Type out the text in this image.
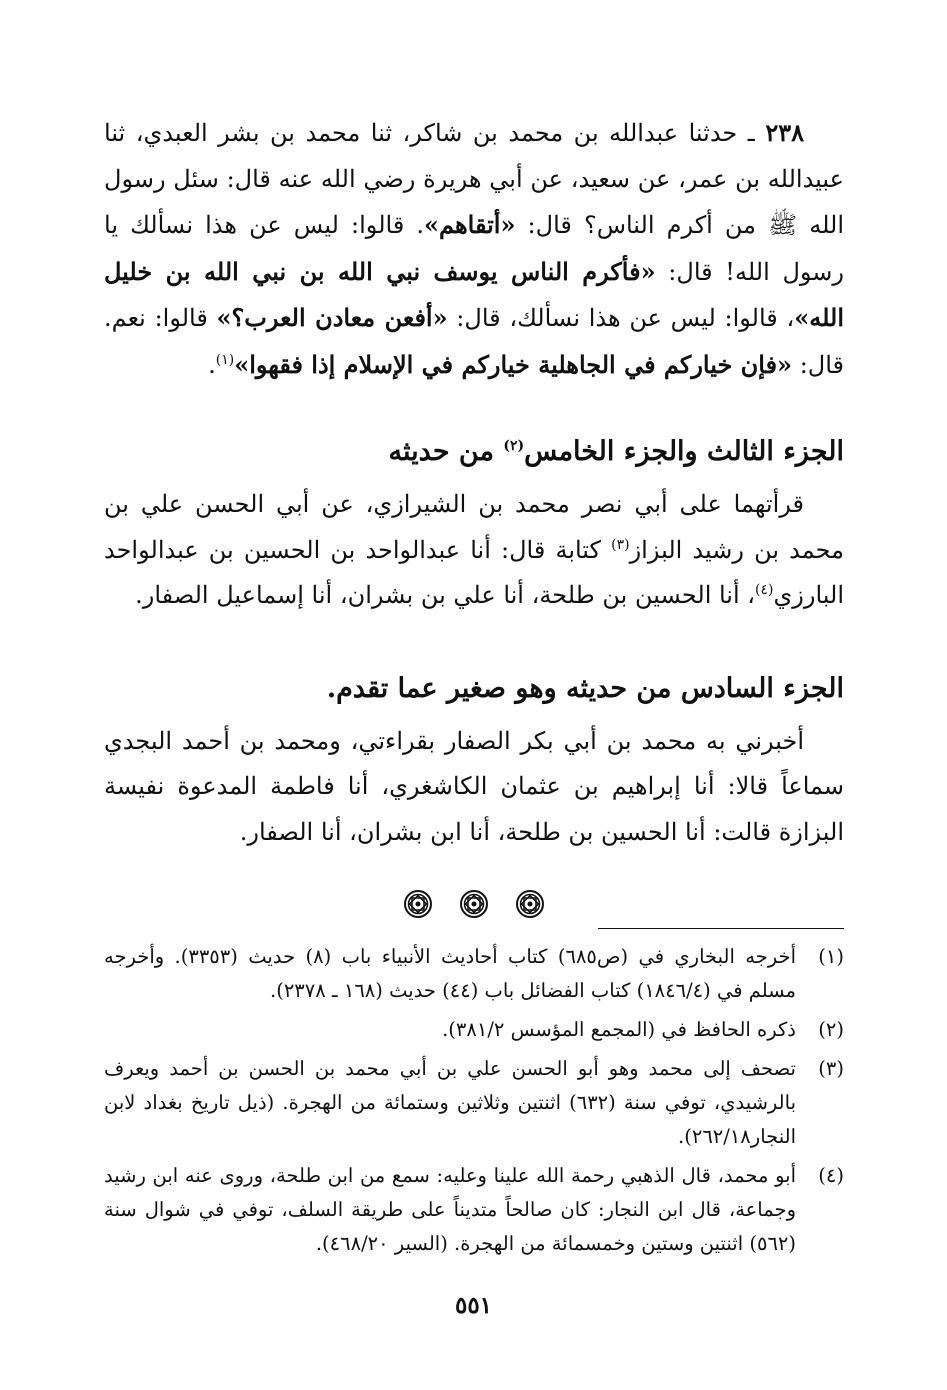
٢٣٨ ـ حدثنا عبدالله بن محمد بن شاكر، ثنا محمد بن بشر العبدي، ثنا عبيدالله بن عمر، عن سعيد، عن أبي هريرة رضي الله عنه قال: سئل رسول الله ﷺ من أكرم الناس؟ قال: «أتقاهم». قالوا: ليس عن هذا نسألك يا رسول الله! قال: «فأكرم الناس يوسف نبي الله بن نبي الله بن خليل الله»، قالوا: ليس عن هذا نسألك، قال: «أفعن معادن العرب؟» قالوا: نعم. قال: «فإن خياركم في الجاهلية خياركم في الإسلام إذا فقهوا»$^{(١)}$.

الجزء الثالث والجزء الخامس$^{(٢)}$ من حديثه

قرأتهما على أبي نصر محمد بن الشيرازي، عن أبي الحسن علي بن محمد بن رشيد البزاز$^{(٣)}$ كتابة قال: أنا عبدالواحد بن الحسين بن عبدالواحد البارزي$^{(٤)}$، أنا الحسين بن طلحة، أنا علي بن بشران، أنا إسماعيل الصفار.

الجزء السادس من حديثه وهو صغير عما تقدم.

أخبرني به محمد بن أبي بكر الصفار بقراءتي، ومحمد بن أحمد البجدي سماعاً قالا: أنا إبراهيم بن عثمان الكاشغري، أنا فاطمة المدعوة نفيسة البزازة قالت: أنا الحسين بن طلحة، أنا ابن بشران، أنا الصفار.

(١)
أخرجه البخاري في (ص٦٨٥) كتاب أحاديث الأنبياء باب (٨) حديث (٣٣٥٣). وأخرجه مسلم في (١٨٤٦/٤) كتاب الفضائل باب (٤٤) حديث (١٦٨ ـ ٢٣٧٨).
(٢)
ذكره الحافظ في (المجمع المؤسس ٣٨١/٢).
(٣)
تصحف إلى محمد وهو أبو الحسن علي بن أبي محمد بن الحسن بن أحمد ويعرف بالرشيدي، توفي سنة (٦٣٢) اثنتين وثلاثين وستمائة من الهجرة. (ذيل تاريخ بغداد لابن النجار٢٦٢/١٨).
(٤)
أبو محمد، قال الذهبي رحمة الله علينا وعليه: سمع من ابن طلحة، وروى عنه ابن رشيد وجماعة، قال ابن النجار: كان صالحاً متديناً على طريقة السلف، توفي في شوال سنة (٥٦٢) اثنتين وستين وخمسمائة من الهجرة. (السير ٤٦٨/٢٠).
٥٥١
